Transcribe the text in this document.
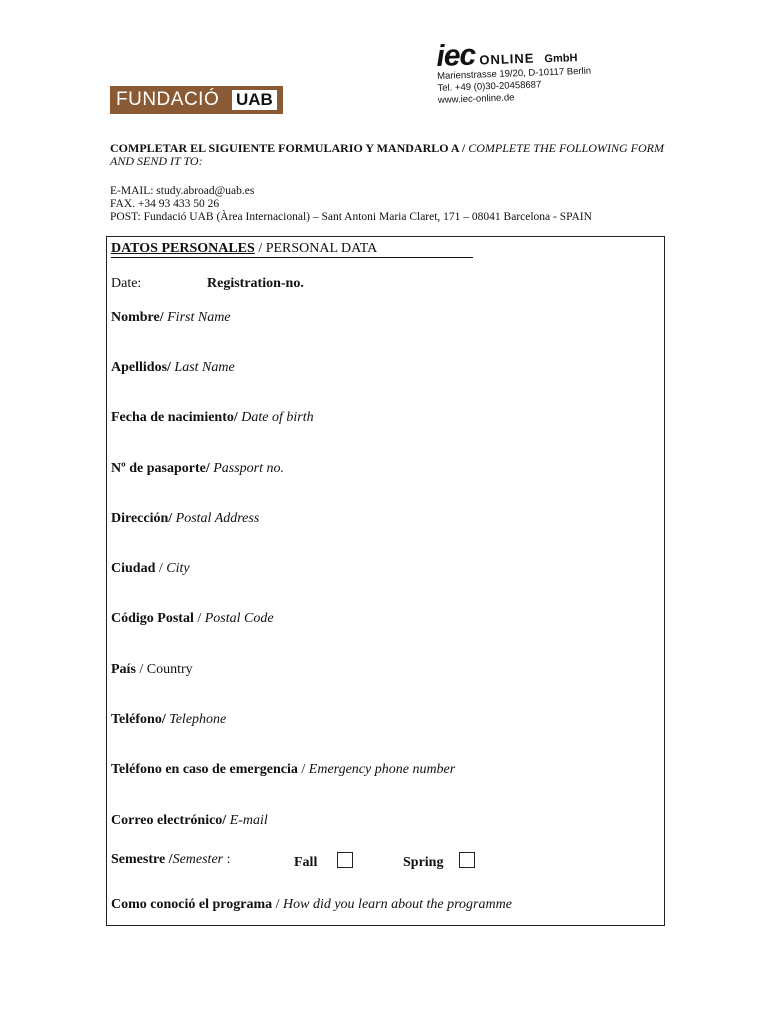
FUNDACIÓ UAB
iec ONLINE GmbH
Marienstrasse 19/20, D-10117 Berlin
Tel. +49 (0)30-20458687
www.iec-online.de
COMPLETAR EL SIGUIENTE FORMULARIO Y MANDARLO A / COMPLETE THE FOLLOWING FORM AND SEND IT TO:
E-MAIL: study.abroad@uab.es
FAX. +34 93 433 50 26
POST: Fundació UAB (Àrea Internacional) – Sant Antoni Maria Claret, 171 – 08041 Barcelona - SPAIN
DATOS PERSONALES / PERSONAL DATA
Date:	Registration-no.
Nombre/ First Name
Apellidos/ Last Name
Fecha de nacimiento/ Date of birth
Nº de pasaporte/ Passport no.
Dirección/ Postal Address
Ciudad / City
Código Postal / Postal Code
País / Country
Teléfono/ Telephone
Teléfono en caso de emergencia / Emergency phone number
Correo electrónico/ E-mail
Semestre /Semester :	Fall	Spring
Como conoció el programa / How did you learn about the programme
